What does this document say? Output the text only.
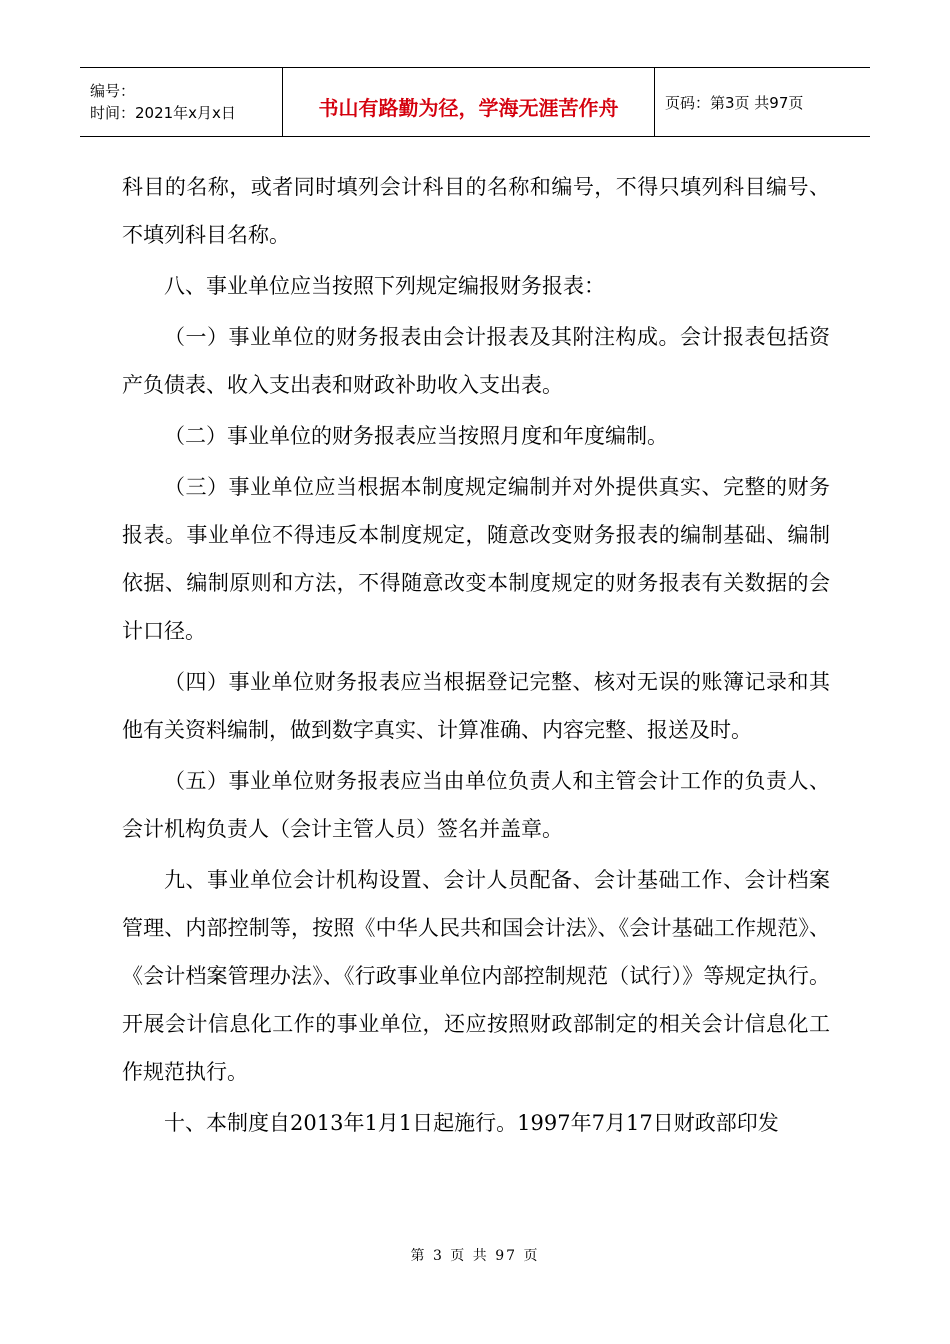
编号：
时间：2021年x月x日	书山有路勤为径，学海无涯苦作舟	页码：第3页 共97页

科目的名称，或者同时填列会计科目的名称和编号，不得只填列科目编号、不填列科目名称。

八、事业单位应当按照下列规定编报财务报表：

（一）事业单位的财务报表由会计报表及其附注构成。会计报表包括资产负债表、收入支出表和财政补助收入支出表。

（二）事业单位的财务报表应当按照月度和年度编制。

（三）事业单位应当根据本制度规定编制并对外提供真实、完整的财务报表。事业单位不得违反本制度规定，随意改变财务报表的编制基础、编制依据、编制原则和方法，不得随意改变本制度规定的财务报表有关数据的会计口径。

（四）事业单位财务报表应当根据登记完整、核对无误的账簿记录和其他有关资料编制，做到数字真实、计算准确、内容完整、报送及时。

（五）事业单位财务报表应当由单位负责人和主管会计工作的负责人、会计机构负责人（会计主管人员）签名并盖章。

九、事业单位会计机构设置、会计人员配备、会计基础工作、会计档案管理、内部控制等，按照《中华人民共和国会计法》、《会计基础工作规范》、《会计档案管理办法》、《行政事业单位内部控制规范（试行）》等规定执行。开展会计信息化工作的事业单位，还应按照财政部制定的相关会计信息化工作规范执行。

十、本制度自2013年1月1日起施行。1997年7月17日财政部印发

第 3 页 共 97 页
